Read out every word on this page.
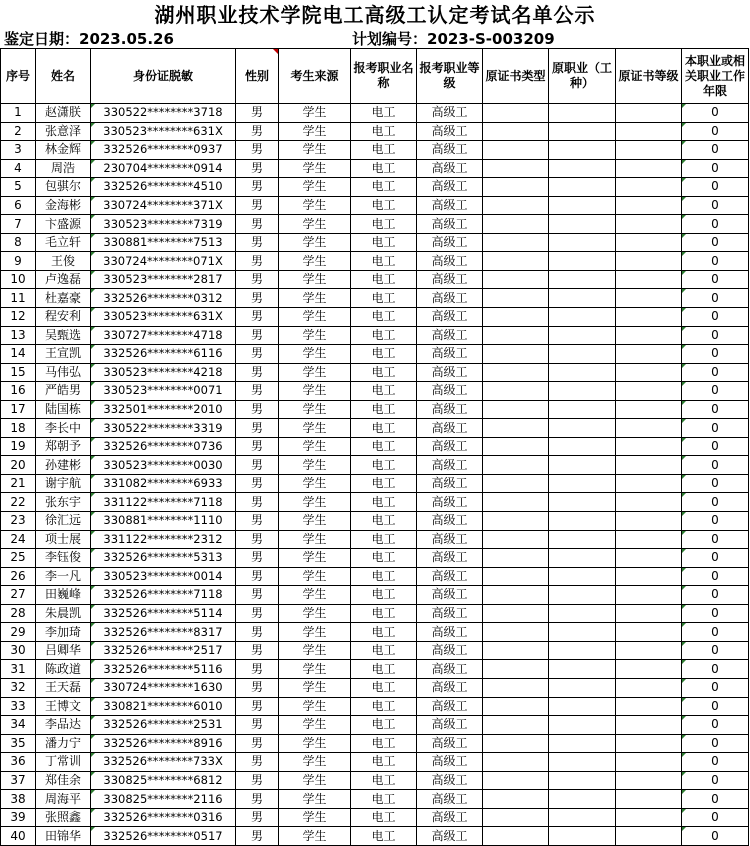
湖州职业技术学院电工高级工认定考试名单公示
鉴定日期：2023.05.26	计划编号：2023-S-003209
序号	姓名	身份证脱敏	性别	考生来源	报考职业名称	报考职业等级	原证书类型	原职业（工种）	原证书等级	本职业或相关职业工作年限
1	赵潇朕	330522********3718	男	学生	电工	高级工				0
2	张意泽	330523********631X	男	学生	电工	高级工				0
3	林金辉	332526********0937	男	学生	电工	高级工				0
4	周浩	230704********0914	男	学生	电工	高级工				0
5	包骐尔	332526********4510	男	学生	电工	高级工				0
6	金海彬	330724********371X	男	学生	电工	高级工				0
7	卞盛源	330523********7319	男	学生	电工	高级工				0
8	毛立轩	330881********7513	男	学生	电工	高级工				0
9	王俊	330724********071X	男	学生	电工	高级工				0
10	卢逸磊	330523********2817	男	学生	电工	高级工				0
11	杜嘉豪	332526********0312	男	学生	电工	高级工				0
12	程安利	330523********631X	男	学生	电工	高级工				0
13	吴甄选	330727********4718	男	学生	电工	高级工				0
14	王宣凯	332526********6116	男	学生	电工	高级工				0
15	马伟弘	330523********4218	男	学生	电工	高级工				0
16	严皓男	330523********0071	男	学生	电工	高级工				0
17	陆国栋	332501********2010	男	学生	电工	高级工				0
18	李长中	330522********3319	男	学生	电工	高级工				0
19	郑朝予	332526********0736	男	学生	电工	高级工				0
20	孙建彬	330523********0030	男	学生	电工	高级工				0
21	谢宇航	331082********6933	男	学生	电工	高级工				0
22	张东宇	331122********7118	男	学生	电工	高级工				0
23	徐汇远	330881********1110	男	学生	电工	高级工				0
24	项士展	331122********2312	男	学生	电工	高级工				0
25	李钰俊	332526********5313	男	学生	电工	高级工				0
26	李一凡	330523********0014	男	学生	电工	高级工				0
27	田巍峰	332526********7118	男	学生	电工	高级工				0
28	朱晨凯	332526********5114	男	学生	电工	高级工				0
29	李加琦	332526********8317	男	学生	电工	高级工				0
30	吕卿华	332526********2517	男	学生	电工	高级工				0
31	陈政道	332526********5116	男	学生	电工	高级工				0
32	王天磊	330724********1630	男	学生	电工	高级工				0
33	王博文	330821********6010	男	学生	电工	高级工				0
34	李品达	332526********2531	男	学生	电工	高级工				0
35	潘力宁	332526********8916	男	学生	电工	高级工				0
36	丁常训	332526********733X	男	学生	电工	高级工				0
37	郑佳余	330825********6812	男	学生	电工	高级工				0
38	周海平	330825********2116	男	学生	电工	高级工				0
39	张照鑫	332526********0316	男	学生	电工	高级工				0
40	田锦华	332526********0517	男	学生	电工	高级工				0
